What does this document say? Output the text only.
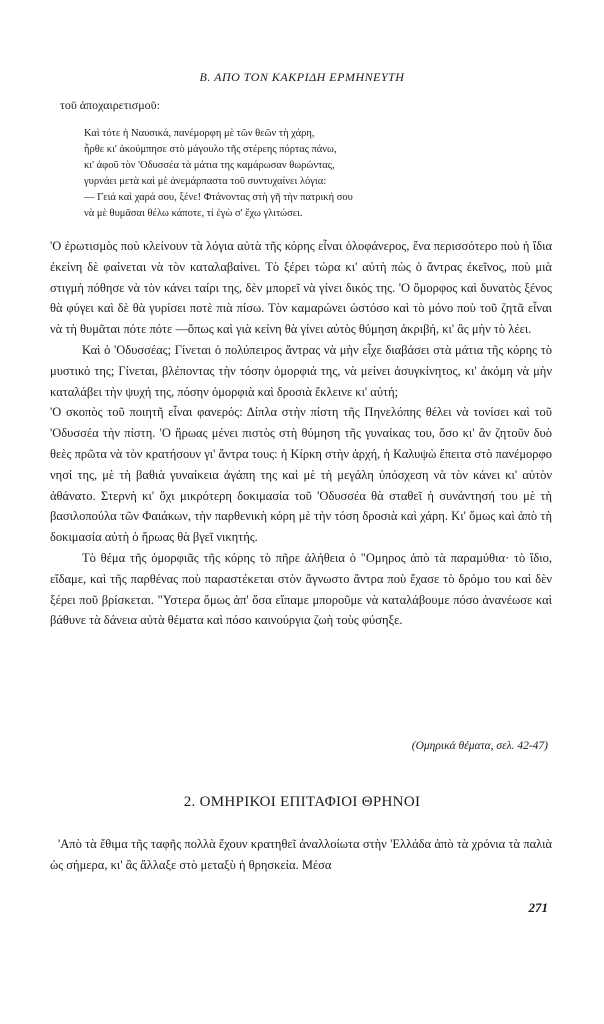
Β. ΑΠΟ ΤΟΝ ΚΑΚΡΙΔΗ ΕΡΜΗΝΕΥΤΗ
τοῦ ἀποχαιρετισμοῦ:
Καὶ τότε ἡ Ναυσικά, πανέμορφη μὲ τῶν θεῶν τὴ χάρη,
ἦρθε κι' ἀκούμπησε στὸ μάγουλο τῆς στέρεης πόρτας πάνω,
κι' ἀφοῦ τὸν 'Οδυσσέα τὰ μάτια της καμάρωσαν θωρώντας,
γυρνάει μετὰ καὶ μὲ ἀνεμάρπαστα τοῦ συντυχαίνει λόγια:
— Γειά καὶ χαρά σου, ξένε! Φτάνοντας στὴ γῆ τὴν πατρική σου
νὰ μὲ θυμᾶσαι θέλω κάποτε, τί ἐγὼ σ' ἔχω γλιτώσει.

'Ο ἐρωτισμὸς ποὺ κλείνουν τὰ λόγια αὐτὰ τῆς κόρης εἶναι ὁλοφάνερος, ἕνα περισσότερο ποὺ ἡ ἴδια ἐκείνη δὲ φαίνεται νὰ τὸν καταλαβαίνει. Τὸ ξέρει τώρα κι' αὐτὴ πὼς ὁ ἄντρας ἐκεῖνος, ποὺ μιὰ στιγμὴ πόθησε νὰ τὸν κάνει ταίρι της, δὲν μπορεῖ νὰ γίνει δικός της. 'Ο ὄμορφος καὶ δυνατὸς ξένος θὰ φύγει καὶ δὲ θὰ γυρίσει ποτὲ πιὰ πίσω. Τὸν καμαρώνει ὡστόσο καὶ τὸ μόνο ποὺ τοῦ ζητᾶ εἶναι νὰ τὴ θυμᾶται πότε πότε —ὅπως καὶ γιὰ κείνη θὰ γίνει αὐτὸς θύμηση ἀκριβή, κι' ἂς μὴν τὸ λέει.

Καὶ ὁ 'Οδυσσέας; Γίνεται ὁ πολύπειρος ἄντρας νὰ μὴν εἶχε διαβάσει στὰ μάτια τῆς κόρης τὸ μυστικό της; Γίνεται, βλέποντας τὴν τόσην ὀμορφιά της, νὰ μείνει ἀσυγκίνητος, κι' ἀκόμη νὰ μὴν καταλάβει τὴν ψυχή της, πόσην ὀμορφιὰ καὶ δροσιὰ ἔκλεινε κι' αὐτή;

'Ο σκοπὸς τοῦ ποιητῆ εἶναι φανερός: Δίπλα στὴν πίστη τῆς Πηνελόπης θέλει νὰ τονίσει καὶ τοῦ 'Οδυσσέα τὴν πίστη. 'Ο ἥρωας μένει πιστὸς στὴ θύμηση τῆς γυναίκας του, ὅσο κι' ἂν ζητοῦν δυὸ θεὲς πρῶτα νὰ τὸν κρατήσουν γι' ἄντρα τους: ἡ Κίρκη στὴν ἀρχή, ἡ Καλυψὼ ἔπειτα στὸ πανέμορφο νησί της, μὲ τὴ βαθιὰ γυναίκεια ἀγάπη της καὶ μὲ τὴ μεγάλη ὑπόσχεση νὰ τὸν κάνει κι' αὐτὸν ἀθάνατο. Στερνὴ κι' ὄχι μικρότερη δοκιμασία τοῦ 'Οδυσσέα θὰ σταθεῖ ἡ συνάντησή του μὲ τὴ βασιλοπούλα τῶν Φαιάκων, τὴν παρθενικὴ κόρη μὲ τὴν τόση δροσιὰ καὶ χάρη. Κι' ὅμως καὶ ἀπὸ τὴ δοκιμασία αὐτὴ ὁ ἥρωας θὰ βγεῖ νικητής.

Τὸ θέμα τῆς ὀμορφιᾶς τῆς κόρης τὸ πῆρε ἀλήθεια ὁ "Ομηρος ἀπὸ τὰ παραμύθια· τὸ ἴδιο, εἴδαμε, καὶ τῆς παρθένας ποὺ παραστέκεται στὸν ἄγνωστο ἄντρα ποὺ ἔχασε τὸ δρόμο του καὶ δὲν ξέρει ποῦ βρίσκεται. "Υστερα ὅμως ἀπ' ὅσα εἴπαμε μποροῦμε νὰ καταλάβουμε πόσο ἀνανέωσε καὶ βάθυνε τὰ δάνεια αὐτὰ θέματα καὶ πόσο καινούργια ζωὴ τοὺς φύσηξε.

(Ομηρικά θέματα, σελ. 42-47)
2. ΟΜΗΡΙΚΟΙ ΕΠΙΤΑΦΙΟΙ ΘΡΗΝΟΙ

'Απὸ τὰ ἔθιμα τῆς ταφῆς πολλὰ ἔχουν κρατηθεῖ ἀναλλοίωτα στὴν 'Ελλάδα ἀπὸ τὰ χρόνια τὰ παλιὰ ὡς σήμερα, κι' ἂς ἄλλαξε στὸ μεταξὺ ἡ θρησκεία. Μέσα

271
